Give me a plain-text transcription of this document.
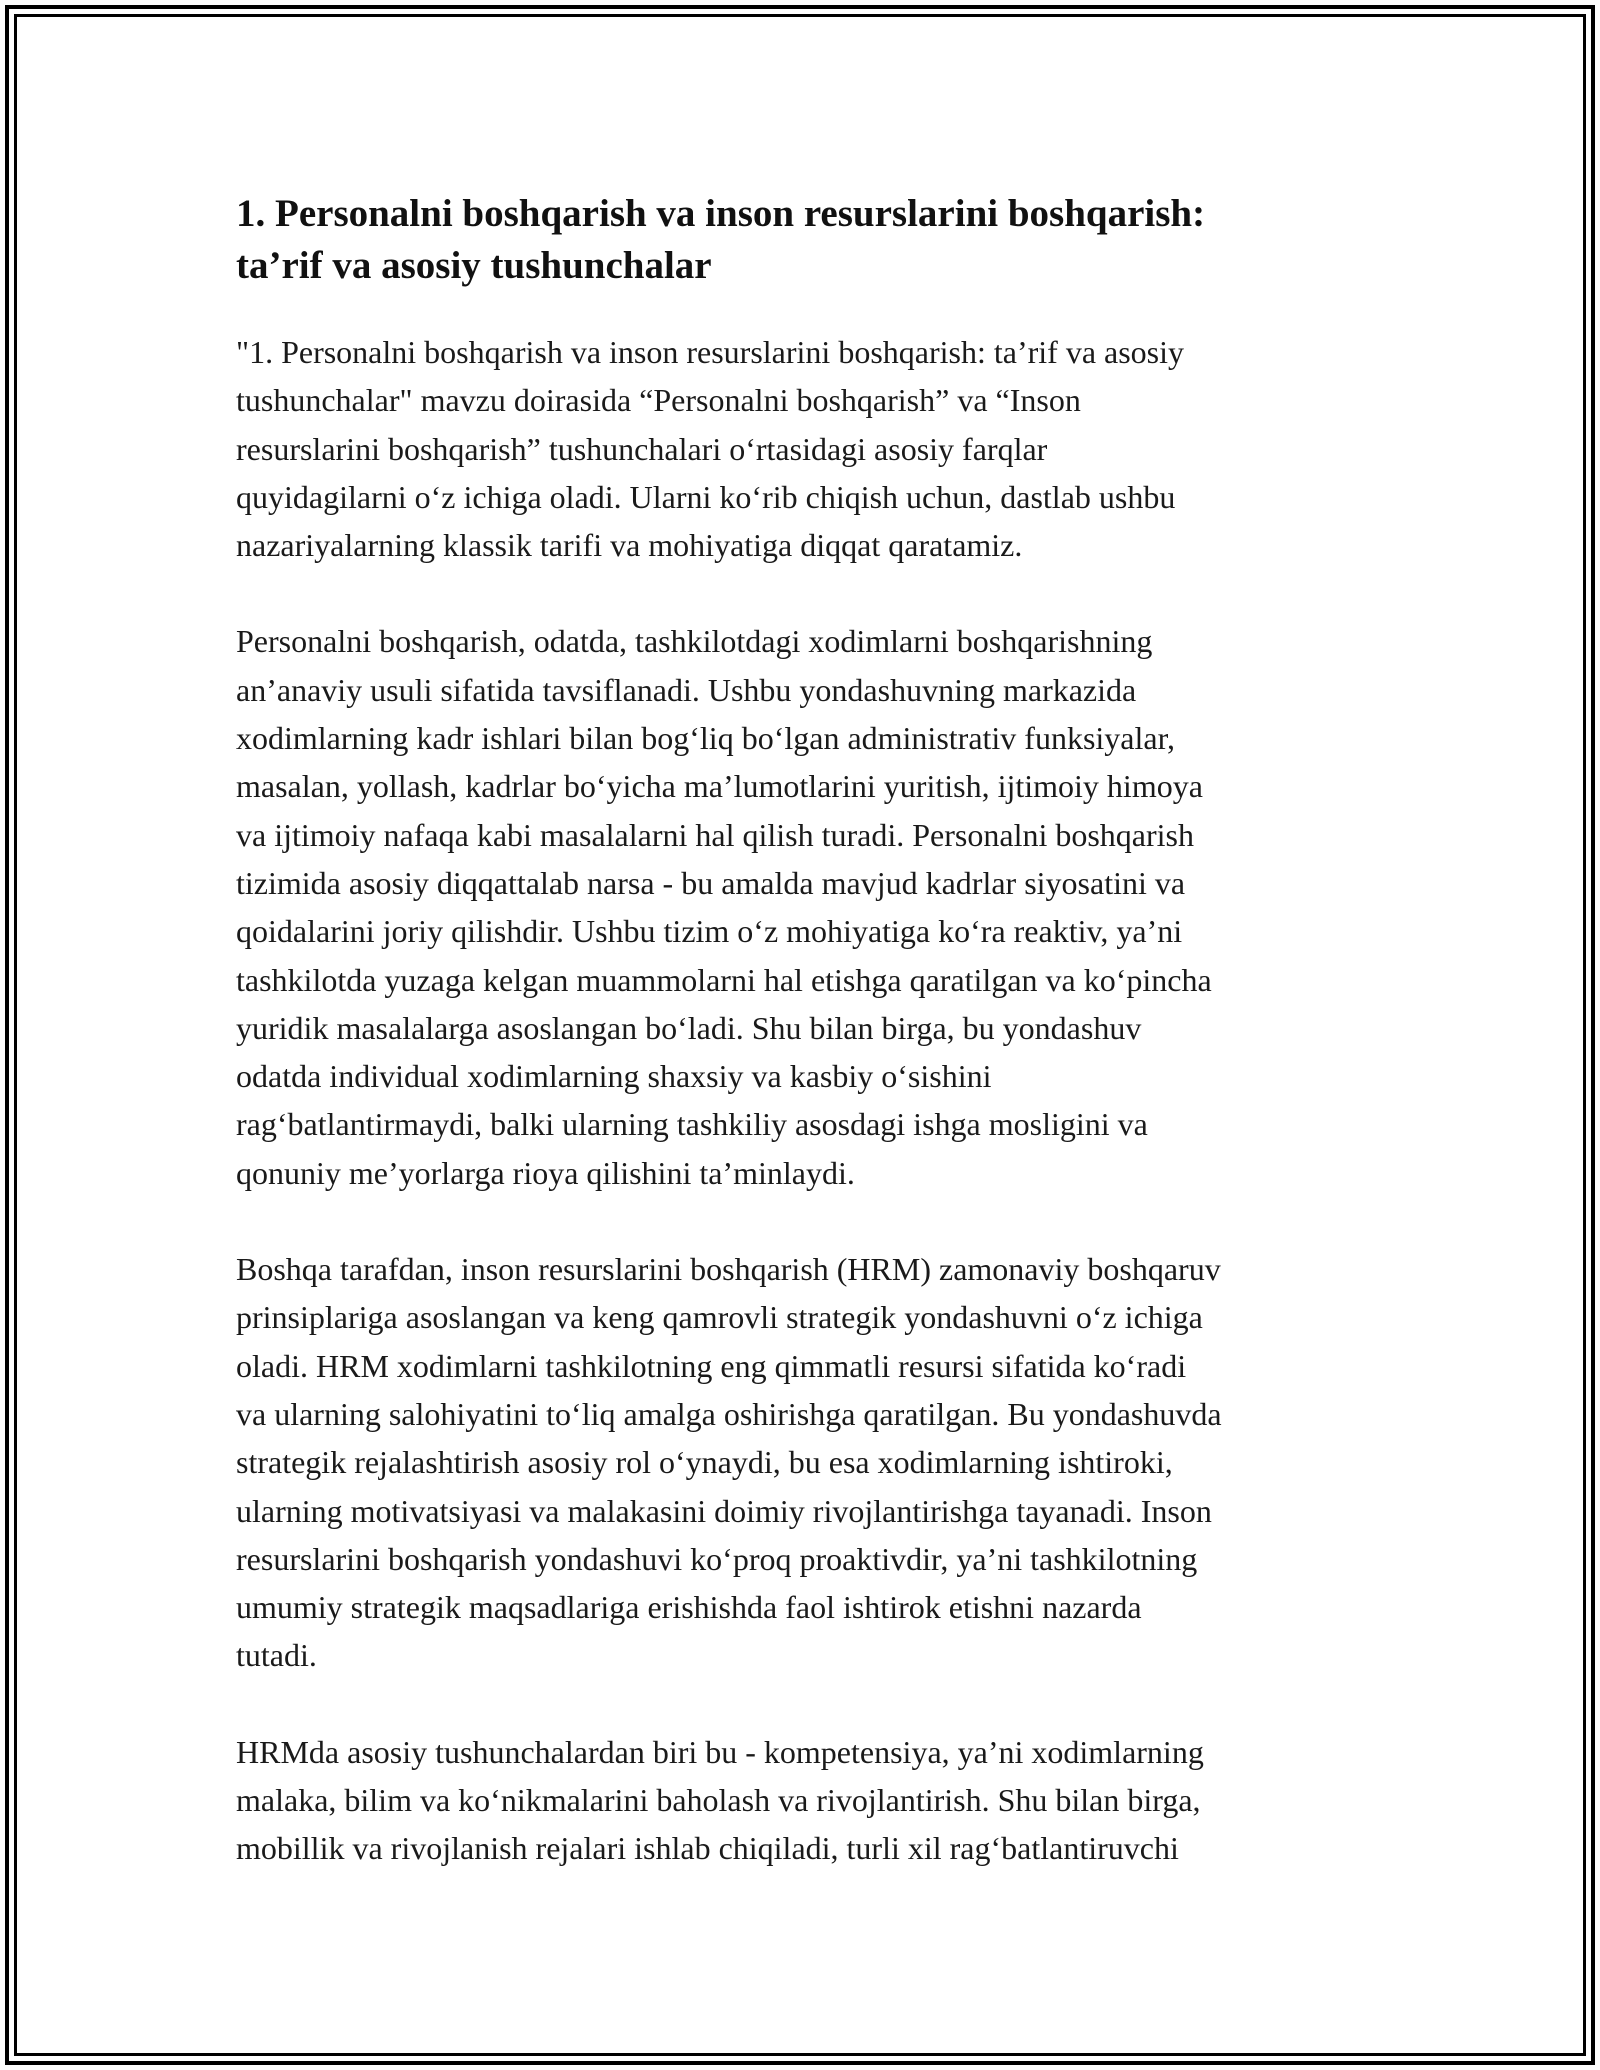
1. Personalni boshqarish va inson resurslarini boshqarish:
ta’rif va asosiy tushunchalar

"1. Personalni boshqarish va inson resurslarini boshqarish: ta’rif va asosiy
tushunchalar" mavzu doirasida “Personalni boshqarish” va “Inson
resurslarini boshqarish” tushunchalari o‘rtasidagi asosiy farqlar
quyidagilarni o‘z ichiga oladi. Ularni ko‘rib chiqish uchun, dastlab ushbu
nazariyalarning klassik tarifi va mohiyatiga diqqat qaratamiz.

Personalni boshqarish, odatda, tashkilotdagi xodimlarni boshqarishning
an’anaviy usuli sifatida tavsiflanadi. Ushbu yondashuvning markazida
xodimlarning kadr ishlari bilan bog‘liq bo‘lgan administrativ funksiyalar,
masalan, yollash, kadrlar bo‘yicha ma’lumotlarini yuritish, ijtimoiy himoya
va ijtimoiy nafaqa kabi masalalarni hal qilish turadi. Personalni boshqarish
tizimida asosiy diqqattalab narsa - bu amalda mavjud kadrlar siyosatini va
qoidalarini joriy qilishdir. Ushbu tizim o‘z mohiyatiga ko‘ra reaktiv, ya’ni
tashkilotda yuzaga kelgan muammolarni hal etishga qaratilgan va ko‘pincha
yuridik masalalarga asoslangan bo‘ladi. Shu bilan birga, bu yondashuv
odatda individual xodimlarning shaxsiy va kasbiy o‘sishini
rag‘batlantirmaydi, balki ularning tashkiliy asosdagi ishga mosligini va
qonuniy me’yorlarga rioya qilishini ta’minlaydi.

Boshqa tarafdan, inson resurslarini boshqarish (HRM) zamonaviy boshqaruv
prinsiplariga asoslangan va keng qamrovli strategik yondashuvni o‘z ichiga
oladi. HRM xodimlarni tashkilotning eng qimmatli resursi sifatida ko‘radi
va ularning salohiyatini to‘liq amalga oshirishga qaratilgan. Bu yondashuvda
strategik rejalashtirish asosiy rol o‘ynaydi, bu esa xodimlarning ishtiroki,
ularning motivatsiyasi va malakasini doimiy rivojlantirishga tayanadi. Inson
resurslarini boshqarish yondashuvi ko‘proq proaktivdir, ya’ni tashkilotning
umumiy strategik maqsadlariga erishishda faol ishtirok etishni nazarda
tutadi.

HRMda asosiy tushunchalardan biri bu - kompetensiya, ya’ni xodimlarning
malaka, bilim va ko‘nikmalarini baholash va rivojlantirish. Shu bilan birga,
mobillik va rivojlanish rejalari ishlab chiqiladi, turli xil rag‘batlantiruvchi
